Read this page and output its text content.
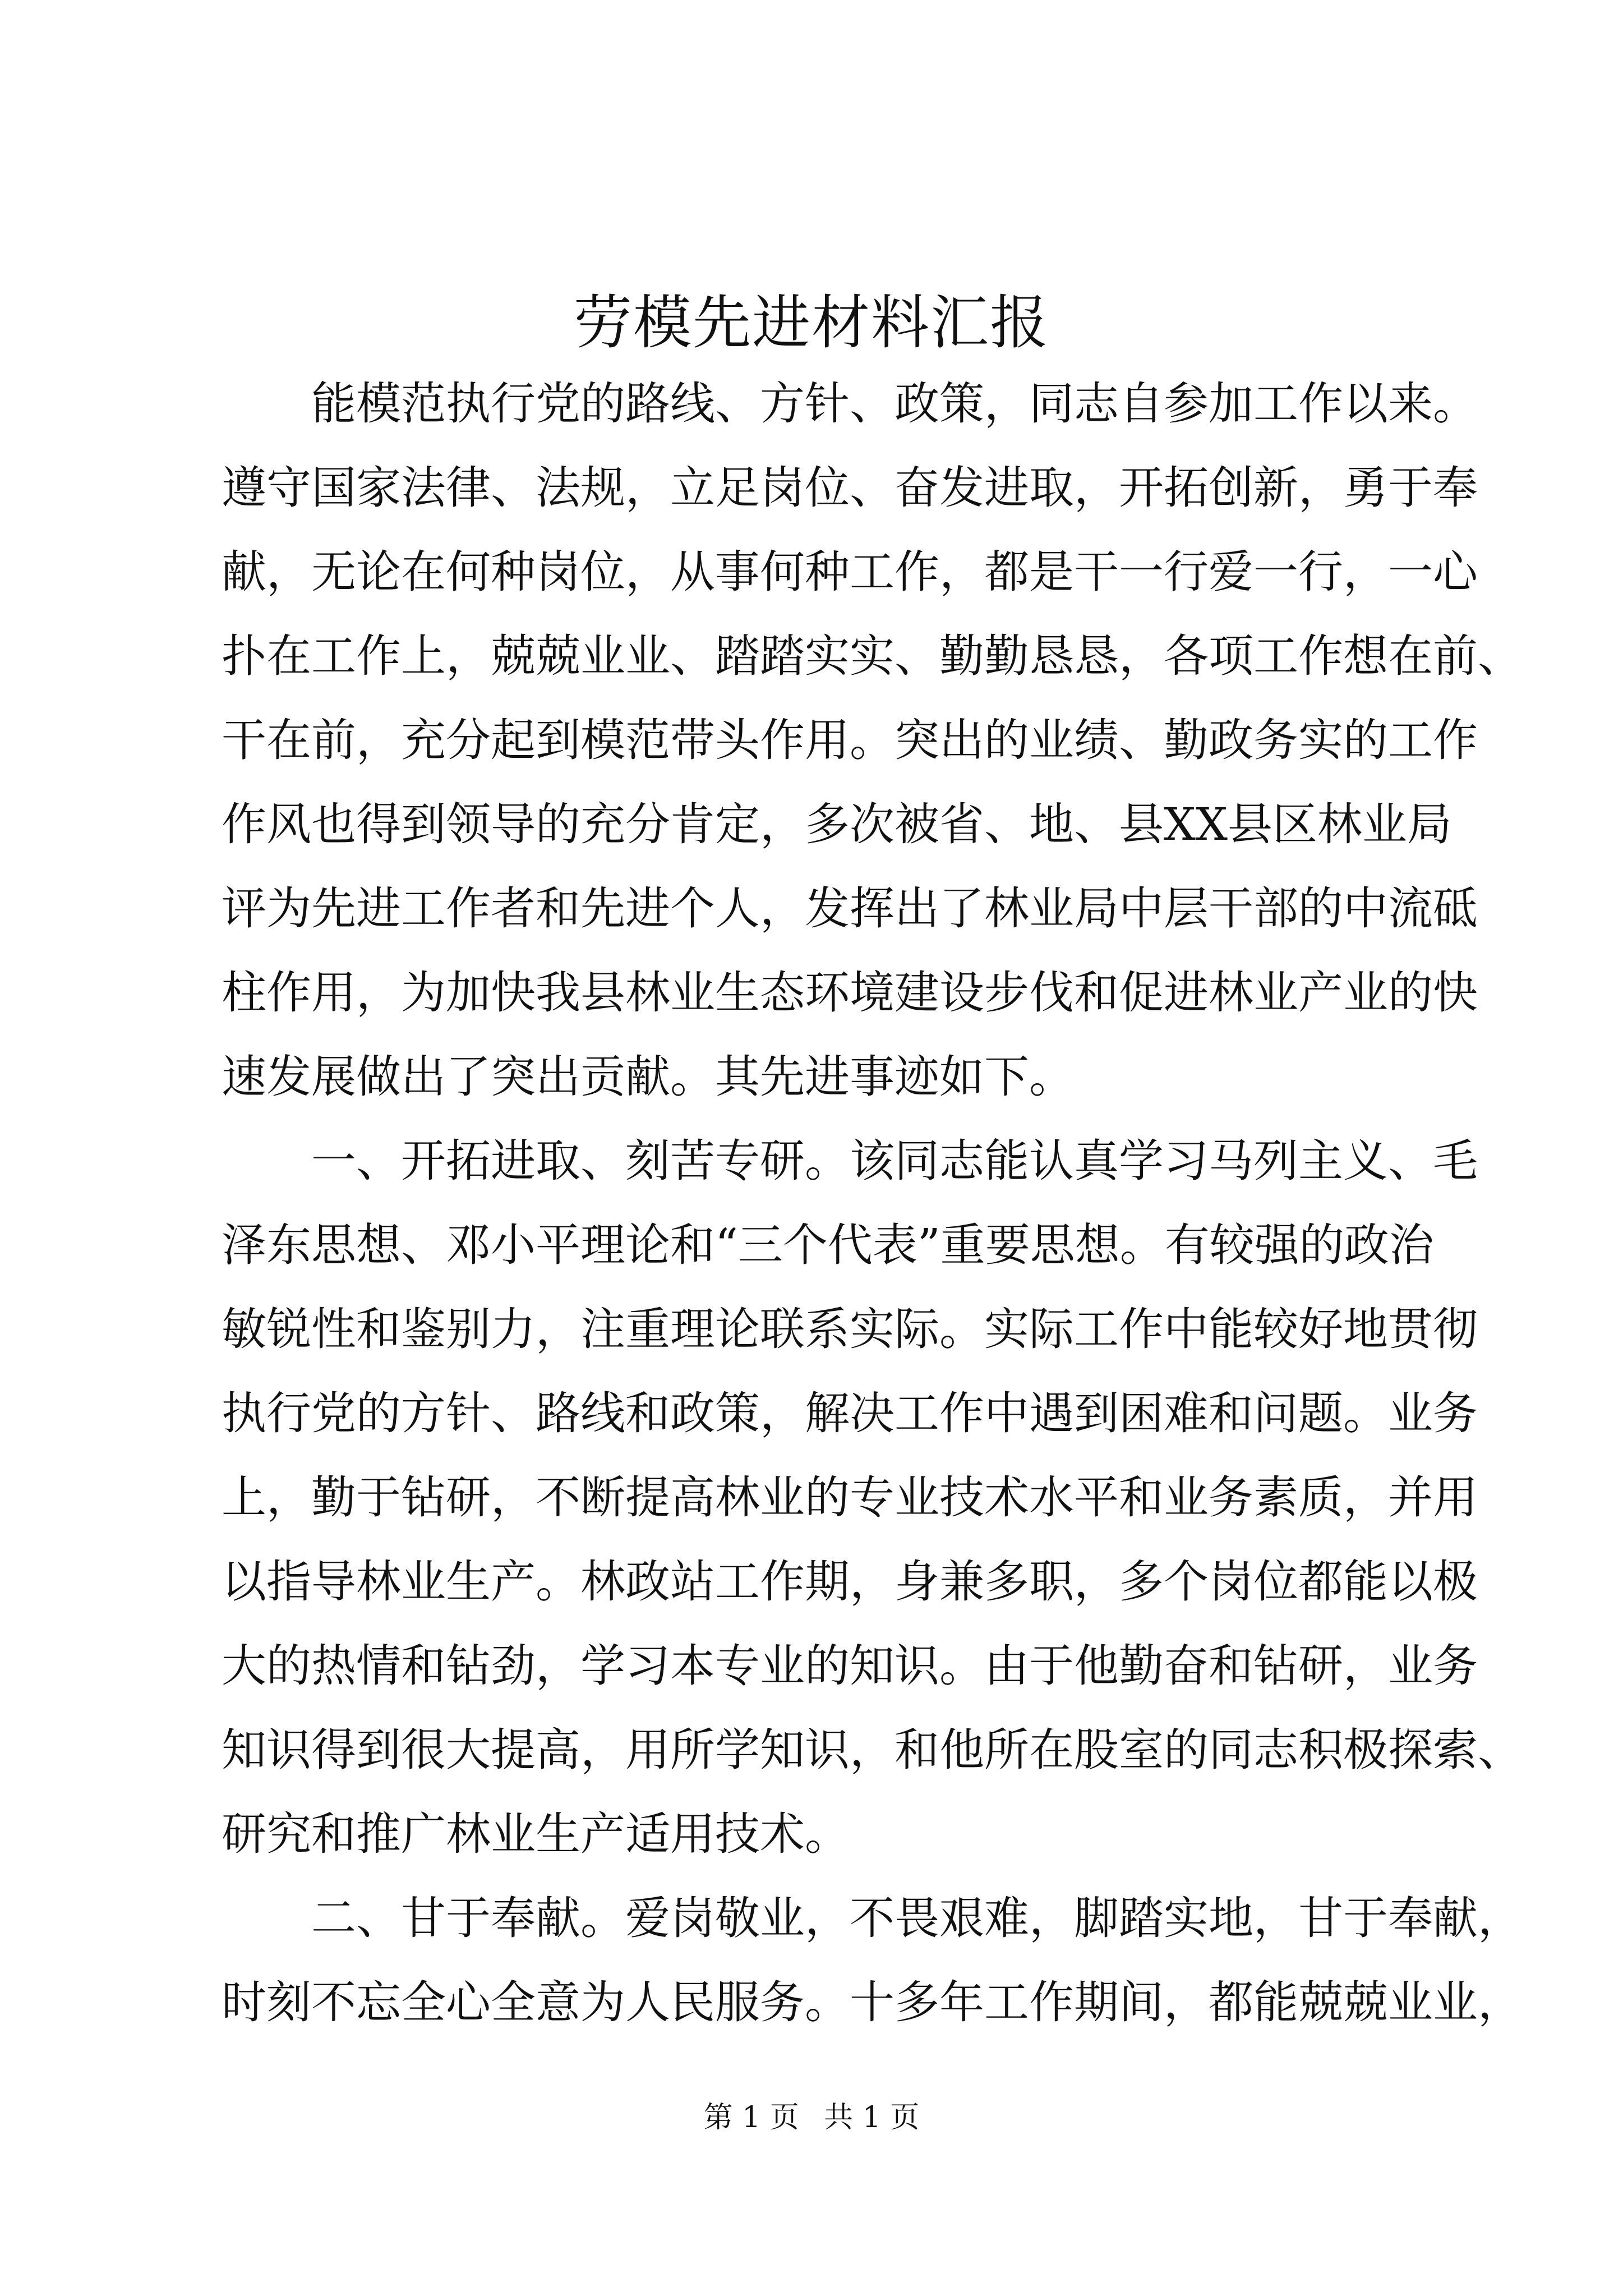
劳模先进材料汇报
能模范执行党的路线、方针、政策，同志自参加工作以来。
遵守国家法律、法规，立足岗位、奋发进取，开拓创新，勇于奉
献，无论在何种岗位，从事何种工作，都是干一行爱一行，一心
扑在工作上，兢兢业业、踏踏实实、勤勤恳恳，各项工作想在前、
干在前，充分起到模范带头作用。突出的业绩、勤政务实的工作
作风也得到领导的充分肯定，多次被省、地、县XX县区林业局
评为先进工作者和先进个人，发挥出了林业局中层干部的中流砥
柱作用，为加快我县林业生态环境建设步伐和促进林业产业的快
速发展做出了突出贡献。其先进事迹如下。
一、开拓进取、刻苦专研。该同志能认真学习马列主义、毛
泽东思想、邓小平理论和“三个代表”重要思想。有较强的政治
敏锐性和鉴别力，注重理论联系实际。实际工作中能较好地贯彻
执行党的方针、路线和政策，解决工作中遇到困难和问题。业务
上，勤于钻研，不断提高林业的专业技术水平和业务素质，并用
以指导林业生产。林政站工作期，身兼多职，多个岗位都能以极
大的热情和钻劲，学习本专业的知识。由于他勤奋和钻研，业务
知识得到很大提高，用所学知识，和他所在股室的同志积极探索、
研究和推广林业生产适用技术。
二、甘于奉献。爱岗敬业，不畏艰难，脚踏实地，甘于奉献，
时刻不忘全心全意为人民服务。十多年工作期间，都能兢兢业业，
第 1 页 共 1 页
